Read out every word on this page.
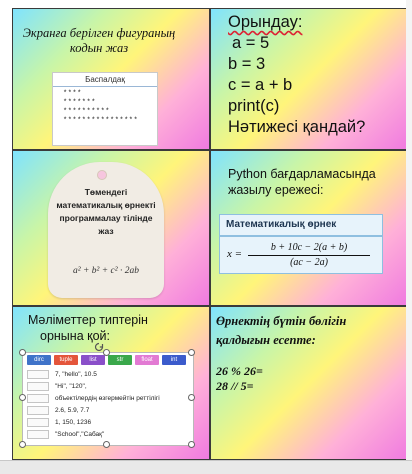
Экранға берілген фигураның кодын жаз
Баспалдақ
****
*******
**********
****************
Орындау:
a = 5
b = 3
c = a + b
print(c)
Нәтижесі қандай?
Төмендегі математикалық өрнекті программалау тілінде жаз
a² + b² + c² · 2ab
Python бағдарламасында жазылу ережесі:
Математикалық өрнек
x =
b + 10c − 2(a + b)
(ac − 2a)
Мәліметтер типтерін
орнына қой:
dirc	tuple	list	str	float	int
7, "hello", 10.5
"Hi", "120",
объектілердің өзгермейтін реттілігі
2.6, 5.9, 7.7
1, 150, 1236
"School","Сабақ"
Өрнектің бүтін бөлігін қалдығын есепте:
26 % 26=
28 // 5=
